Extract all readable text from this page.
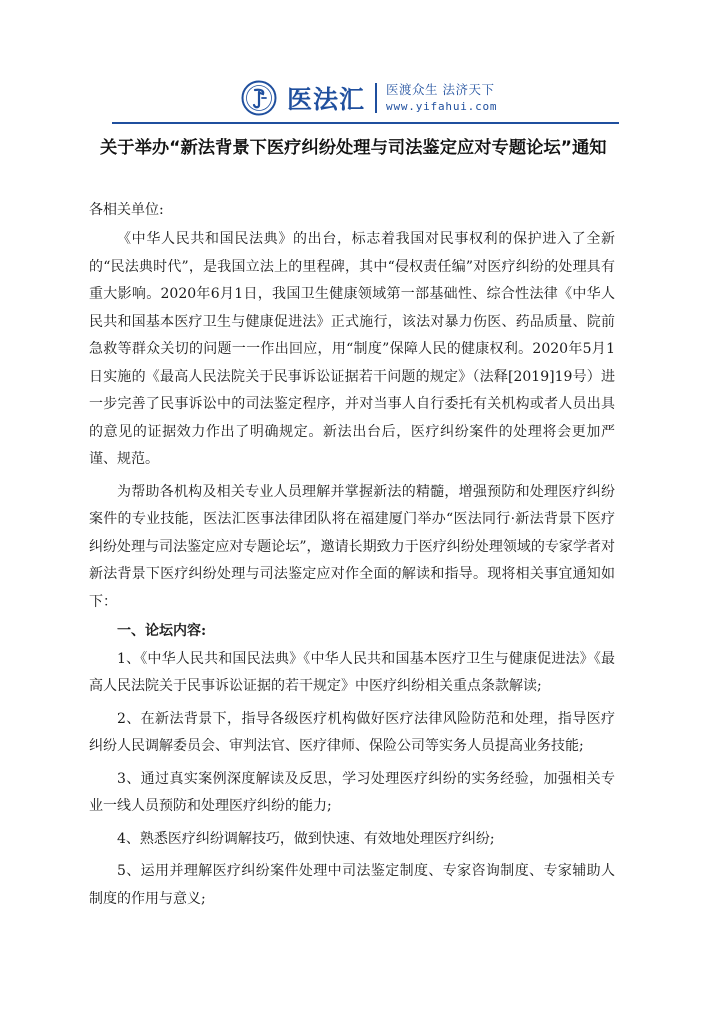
医法汇 医渡众生 法济天下
www.yifahui.com
关于举办“新法背景下医疗纠纷处理与司法鉴定应对专题论坛”通知

各相关单位:

《中华人民共和国民法典》的出台，标志着我国对民事权利的保护进入了全新的“民法典时代”，是我国立法上的里程碑，其中“侵权责任编”对医疗纠纷的处理具有重大影响。2020年6月1日，我国卫生健康领域第一部基础性、综合性法律《中华人民共和国基本医疗卫生与健康促进法》正式施行，该法对暴力伤医、药品质量、院前急救等群众关切的问题一一作出回应，用“制度”保障人民的健康权利。2020年5月1日实施的《最高人民法院关于民事诉讼证据若干问题的规定》（法释[2019]19号）进一步完善了民事诉讼中的司法鉴定程序，并对当事人自行委托有关机构或者人员出具的意见的证据效力作出了明确规定。新法出台后，医疗纠纷案件的处理将会更加严谨、规范。

为帮助各机构及相关专业人员理解并掌握新法的精髓，增强预防和处理医疗纠纷案件的专业技能，医法汇医事法律团队将在福建厦门举办“医法同行·新法背景下医疗纠纷处理与司法鉴定应对专题论坛”，邀请长期致力于医疗纠纷处理领域的专家学者对新法背景下医疗纠纷处理与司法鉴定应对作全面的解读和指导。现将相关事宜通知如下：

一、论坛内容:

1、《中华人民共和国民法典》《中华人民共和国基本医疗卫生与健康促进法》《最高人民法院关于民事诉讼证据的若干规定》中医疗纠纷相关重点条款解读;

2、在新法背景下，指导各级医疗机构做好医疗法律风险防范和处理，指导医疗纠纷人民调解委员会、审判法官、医疗律师、保险公司等实务人员提高业务技能;

3、通过真实案例深度解读及反思，学习处理医疗纠纷的实务经验，加强相关专业一线人员预防和处理医疗纠纷的能力;

4、熟悉医疗纠纷调解技巧，做到快速、有效地处理医疗纠纷;

5、运用并理解医疗纠纷案件处理中司法鉴定制度、专家咨询制度、专家辅助人制度的作用与意义;
